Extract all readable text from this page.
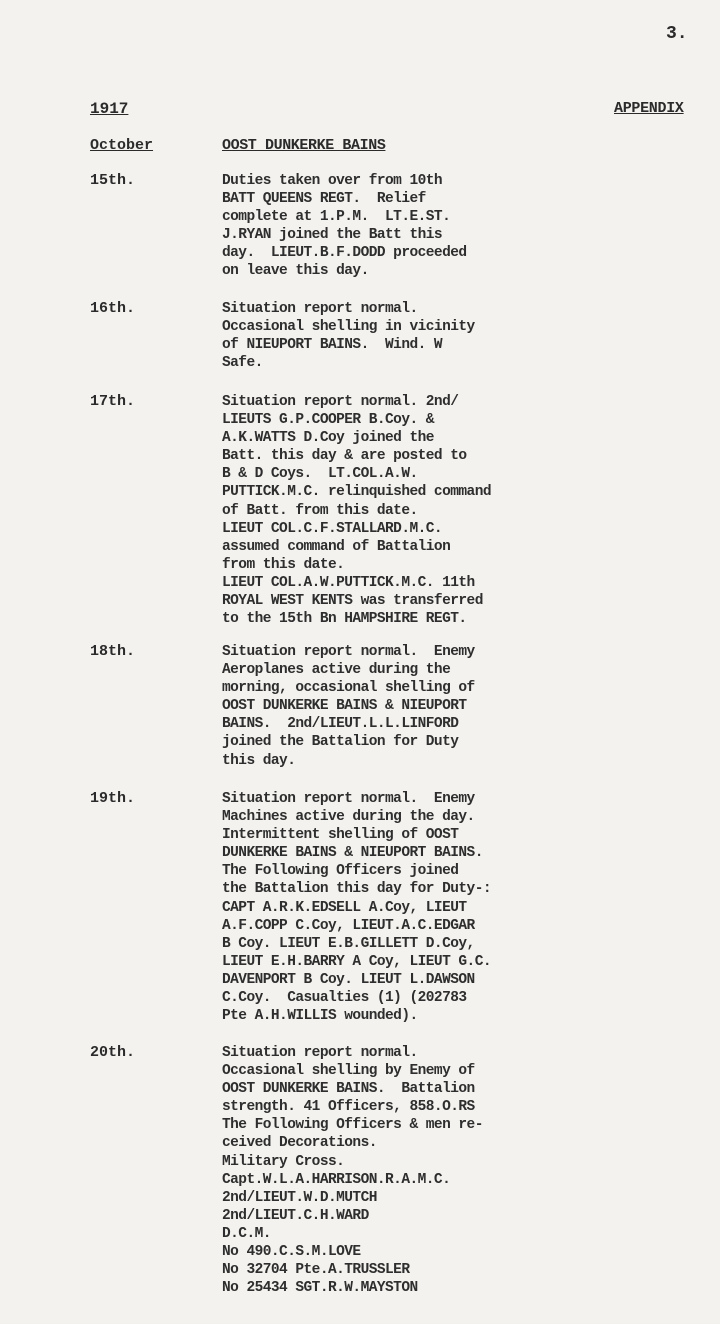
3.
1917	APPENDIX
October	OOST DUNKERKE BAINS
15th.	Duties taken over from 10th
BATT QUEENS REGT.  Relief
complete at 1.P.M.  LT.E.ST.
J.RYAN joined the Batt this
day.  LIEUT.B.F.DODD proceeded
on leave this day.
16th.	Situation report normal.
Occasional shelling in vicinity
of NIEUPORT BAINS.  Wind. W
Safe.
17th.	Situation report normal. 2nd/
LIEUTS G.P.COOPER B.Coy. &
A.K.WATTS D.Coy joined the
Batt. this day & are posted to
B & D Coys.  LT.COL.A.W.
PUTTICK.M.C. relinquished command
of Batt. from this date.
LIEUT COL.C.F.STALLARD.M.C.
assumed command of Battalion
from this date.
LIEUT COL.A.W.PUTTICK.M.C. 11th
ROYAL WEST KENTS was transferred
to the 15th Bn HAMPSHIRE REGT.
18th.	Situation report normal.  Enemy
Aeroplanes active during the
morning, occasional shelling of
OOST DUNKERKE BAINS & NIEUPORT
BAINS.  2nd/LIEUT.L.L.LINFORD
joined the Battalion for Duty
this day.
19th.	Situation report normal.  Enemy
Machines active during the day.
Intermittent shelling of OOST
DUNKERKE BAINS & NIEUPORT BAINS.
The Following Officers joined
the Battalion this day for Duty-:
CAPT A.R.K.EDSELL A.Coy, LIEUT
A.F.COPP C.Coy, LIEUT.A.C.EDGAR
B Coy. LIEUT E.B.GILLETT D.Coy,
LIEUT E.H.BARRY A Coy, LIEUT G.C.
DAVENPORT B Coy. LIEUT L.DAWSON
C.Coy.  Casualties (1) (202783
Pte A.H.WILLIS wounded).
20th.	Situation report normal.
Occasional shelling by Enemy of
OOST DUNKERKE BAINS.  Battalion
strength. 41 Officers, 858.O.RS
The Following Officers & men re-
ceived Decorations.
Military Cross.
Capt.W.L.A.HARRISON.R.A.M.C.
2nd/LIEUT.W.D.MUTCH
2nd/LIEUT.C.H.WARD
D.C.M.
No 490.C.S.M.LOVE
No 32704 Pte.A.TRUSSLER
No 25434 SGT.R.W.MAYSTON
